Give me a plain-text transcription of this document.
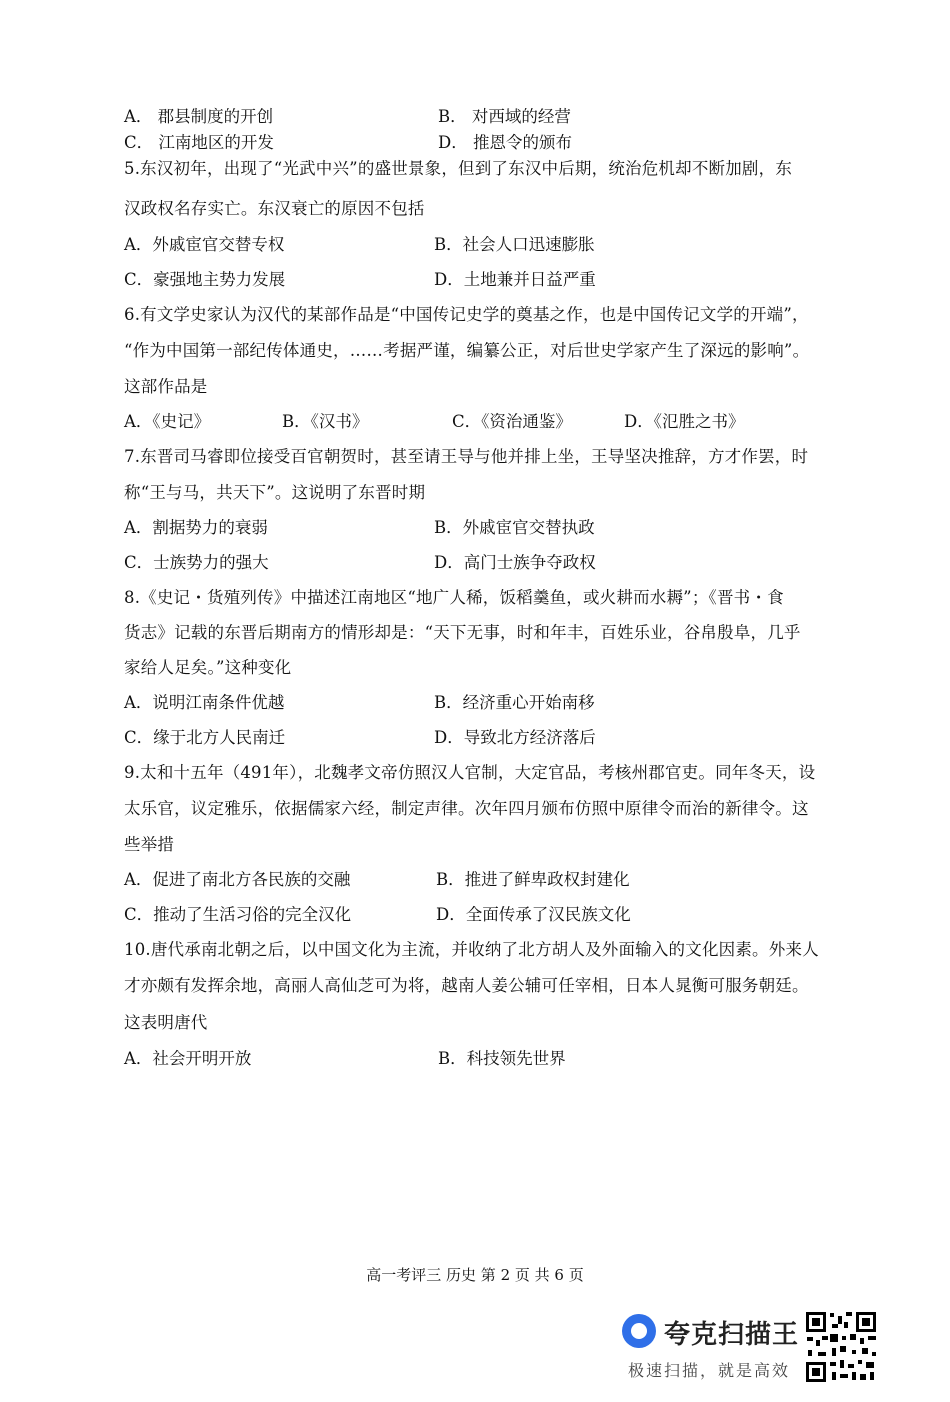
A． 郡县制度的开创	B． 对西域的经营
C． 江南地区的开发	D． 推恩令的颁布
5.东汉初年，出现了“光武中兴”的盛世景象，但到了东汉中后期，统治危机却不断加剧，东
汉政权名存实亡。东汉衰亡的原因不包括
A．外戚宦官交替专权	B．社会人口迅速膨胀
C．豪强地主势力发展	D．土地兼并日益严重
6.有文学史家认为汉代的某部作品是“中国传记史学的奠基之作，也是中国传记文学的开端”，
“作为中国第一部纪传体通史，……考据严谨，编纂公正，对后世史学家产生了深远的影响”。
这部作品是
A．《史记》	B．《汉书》	C．《资治通鉴》	D．《氾胜之书》
7.东晋司马睿即位接受百官朝贺时，甚至请王导与他并排上坐，王导坚决推辞，方才作罢，时
称“王与马，共天下”。这说明了东晋时期
A．割据势力的衰弱	B．外戚宦官交替执政
C．士族势力的强大	D．高门士族争夺政权
8.《史记・货殖列传》中描述江南地区“地广人稀，饭稻羹鱼，或火耕而水耨”；《晋书・食
货志》记载的东晋后期南方的情形却是：“天下无事，时和年丰，百姓乐业，谷帛殷阜，几乎
家给人足矣。”这种变化
A．说明江南条件优越	B．经济重心开始南移
C．缘于北方人民南迁	D．导致北方经济落后
9.太和十五年（491年），北魏孝文帝仿照汉人官制，大定官品，考核州郡官吏。同年冬天，设
太乐官，议定雅乐，依据儒家六经，制定声律。次年四月颁布仿照中原律令而治的新律令。这
些举措
A．促进了南北方各民族的交融	B．推进了鲜卑政权封建化
C．推动了生活习俗的完全汉化	D．全面传承了汉民族文化
10.唐代承南北朝之后，以中国文化为主流，并收纳了北方胡人及外面输入的文化因素。外来人
才亦颇有发挥余地，高丽人高仙芝可为将，越南人姜公辅可任宰相，日本人晁衡可服务朝廷。
这表明唐代
A．社会开明开放	B．科技领先世界
高一考评三 历史 第 2 页 共 6 页
夸克扫描王
极速扫描，就是高效
